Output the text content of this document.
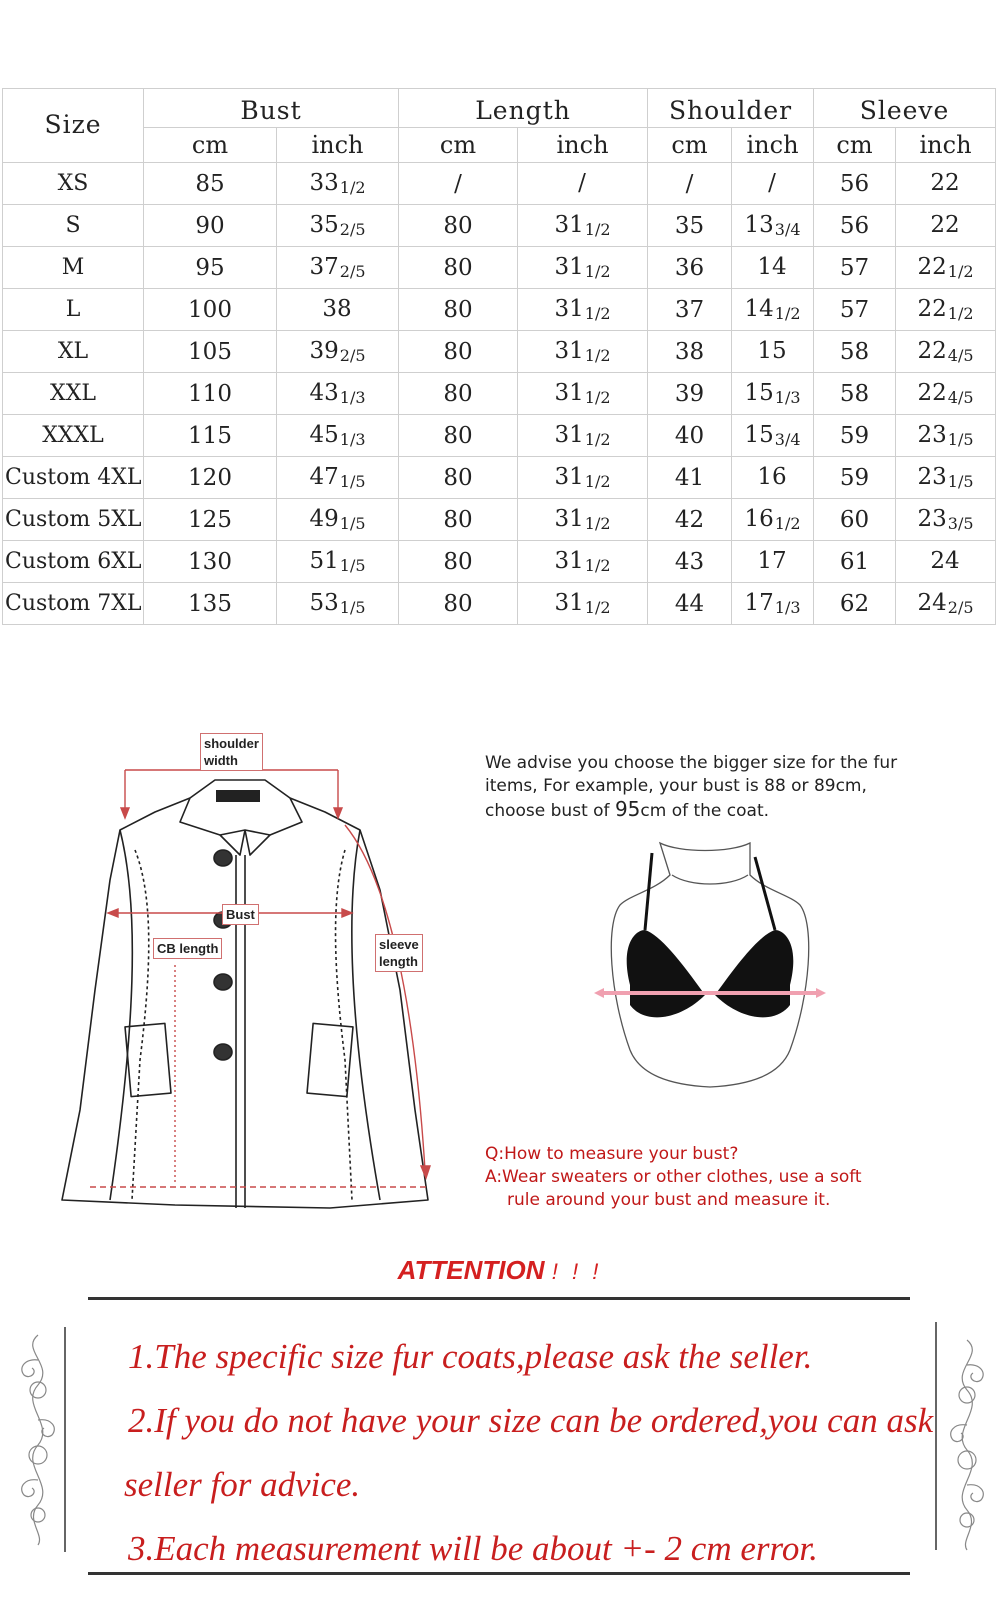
Size	Bust		Length		Shoulder		Sleeve	
	cm	inch	cm	inch	cm	inch	cm	inch
XS	85	331/2	/	/	/	/	56	22
S	90	352/5	80	311/2	35	133/4	56	22
M	95	372/5	80	311/2	36	14	57	221/2
L	100	38	80	311/2	37	141/2	57	221/2
XL	105	392/5	80	311/2	38	15	58	224/5
XXL	110	431/3	80	311/2	39	151/3	58	224/5
XXXL	115	451/3	80	311/2	40	153/4	59	231/5
Custom 4XL	120	471/5	80	311/2	41	16	59	231/5
Custom 5XL	125	491/5	80	311/2	42	161/2	60	233/5
Custom 6XL	130	511/5	80	311/2	43	17	61	24
Custom 7XL	135	531/5	80	311/2	44	171/3	62	242/5
shoulder
width
Bust
CB length	sleeve
length
We advise you choose the bigger size for the fur
items, For example, your bust is 88 or 89cm,
choose bust of 95cm of the coat.
Q:How to measure your bust?
A:Wear sweaters or other clothes, use a soft
rule around your bust and measure it.
ATTENTION ! ! !

1.The specific size fur coats,please ask the seller.

2.If you do not have your size can be ordered,you can ask

seller for advice.

3.Each measurement will be about +- 2 cm error.
